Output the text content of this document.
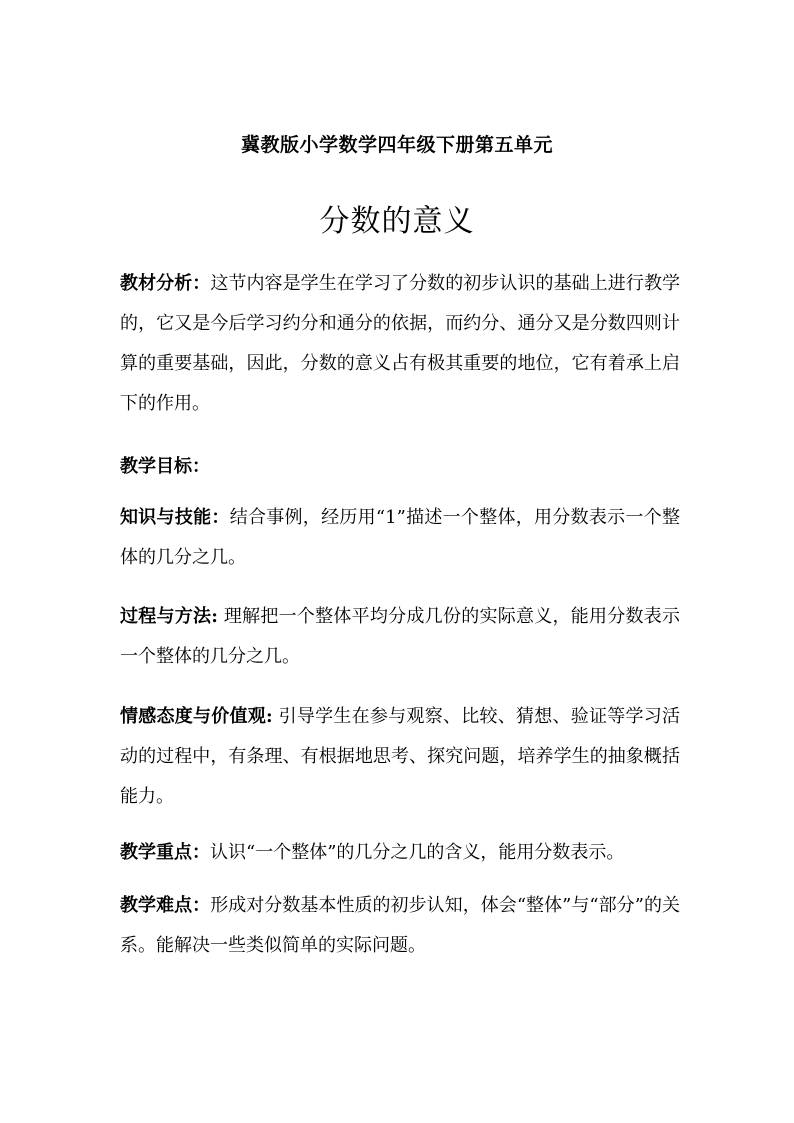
冀教版小学数学四年级下册第五单元
分数的意义

教材分析：这节内容是学生在学习了分数的初步认识的基础上进行教学的，它又是今后学习约分和通分的依据，而约分、通分又是分数四则计算的重要基础，因此，分数的意义占有极其重要的地位，它有着承上启下的作用。

教学目标：

知识与技能：结合事例，经历用“1”描述一个整体，用分数表示一个整体的几分之几。

过程与方法: 理解把一个整体平均分成几份的实际意义，能用分数表示一个整体的几分之几。

情感态度与价值观: 引导学生在参与观察、比较、猜想、验证等学习活动的过程中，有条理、有根据地思考、探究问题，培养学生的抽象概括能力。

教学重点：认识“一个整体”的几分之几的含义，能用分数表示。

教学难点：形成对分数基本性质的初步认知，体会“整体”与“部分”的关系。能解决一些类似简单的实际问题。
